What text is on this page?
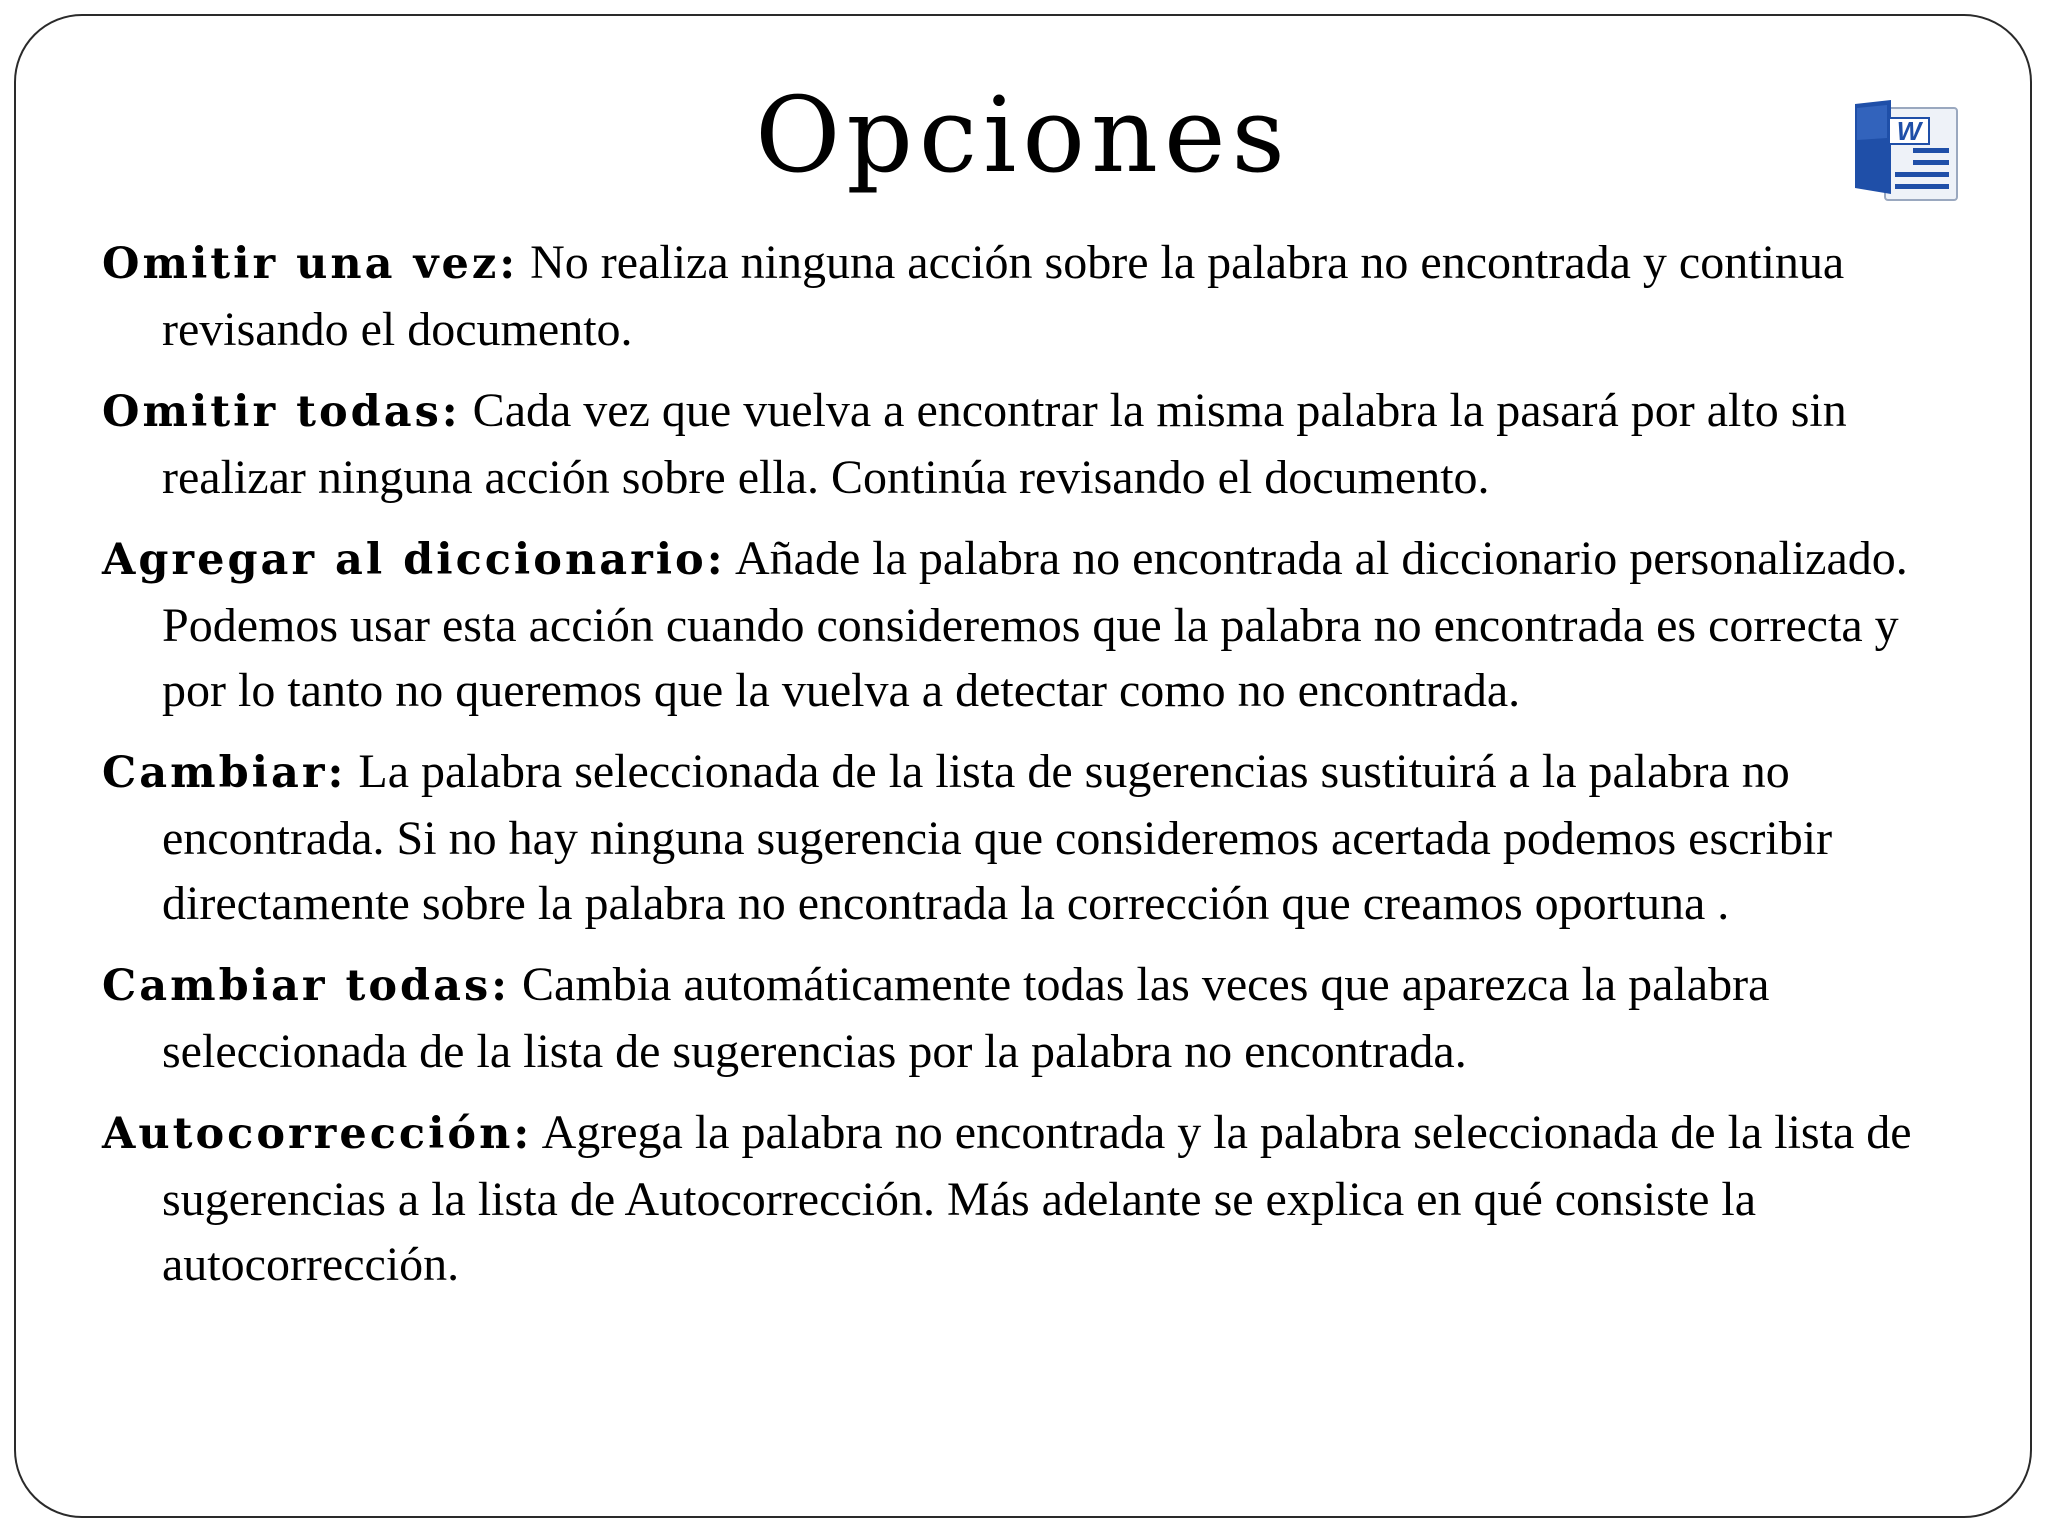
Opciones	W

Omitir una vez: No realiza ninguna acción sobre la palabra no encontrada y continua revisando el documento.

Omitir todas: Cada vez que vuelva a encontrar la misma palabra la pasará por alto sin realizar ninguna acción sobre ella. Continúa revisando el documento.

Agregar al diccionario: Añade la palabra no encontrada al diccionario personalizado. Podemos usar esta acción cuando consideremos que la palabra no encontrada es correcta y por lo tanto no queremos que la vuelva a detectar como no encontrada.

Cambiar: La palabra seleccionada de la lista de sugerencias sustituirá a la palabra no encontrada. Si no hay ninguna sugerencia que consideremos acertada podemos escribir directamente sobre la palabra no encontrada la corrección que creamos oportuna .

Cambiar todas: Cambia automáticamente todas las veces que aparezca la palabra seleccionada de la lista de sugerencias por la palabra no encontrada.

Autocorrección: Agrega la palabra no encontrada y la palabra seleccionada de la lista de sugerencias a la lista de Autocorrección. Más adelante se explica en qué consiste la autocorrección.
